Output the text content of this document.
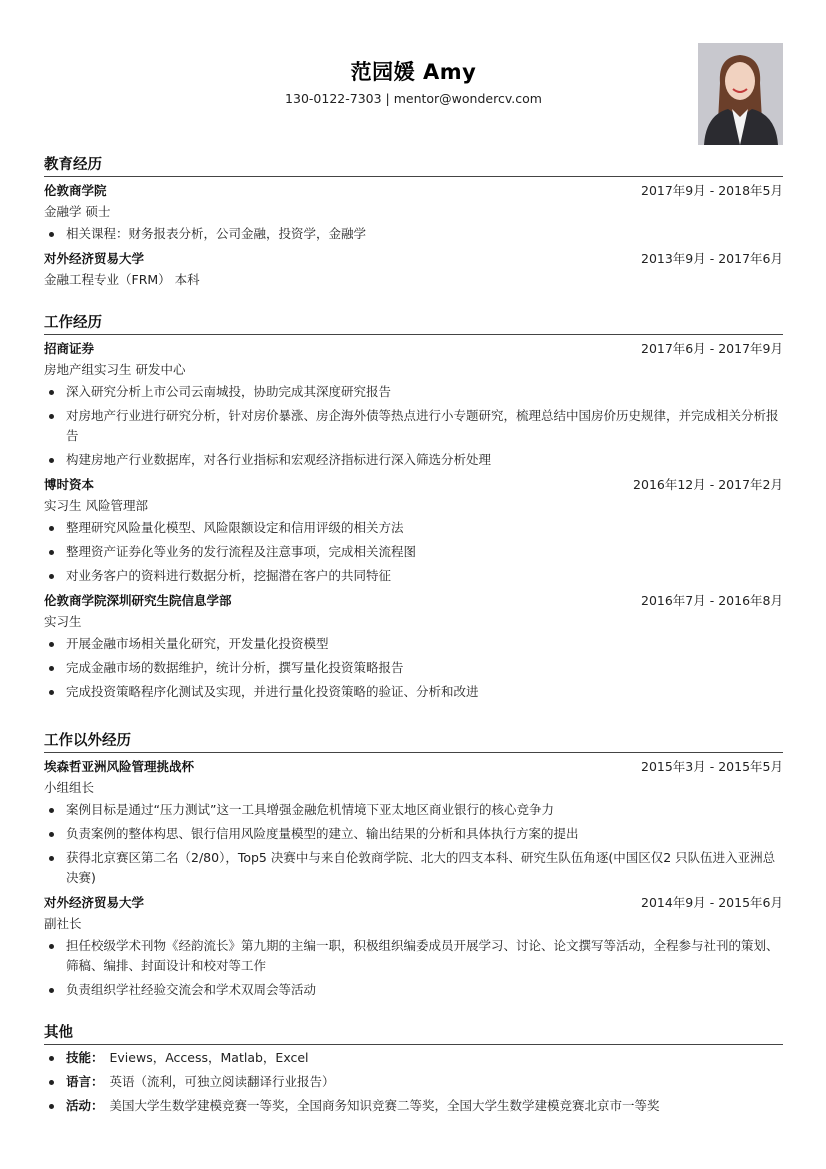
范园媛 Amy
130-0122-7303 | mentor@wondercv.com
教育经历
伦敦商学院	2017年9月 - 2018年5月
金融学 硕士
相关课程：财务报表分析，公司金融，投资学，金融学
对外经济贸易大学	2013年9月 - 2017年6月
金融工程专业（FRM） 本科
工作经历
招商证券	2017年6月 - 2017年9月
房地产组实习生 研发中心
深入研究分析上市公司云南城投，协助完成其深度研究报告
对房地产行业进行研究分析，针对房价暴涨、房企海外债等热点进行小专题研究，梳理总结中国房价历史规律，并完成相关分析报告
构建房地产行业数据库，对各行业指标和宏观经济指标进行深入筛选分析处理
博时资本	2016年12月 - 2017年2月
实习生 风险管理部
整理研究风险量化模型、风险限额设定和信用评级的相关方法
整理资产证券化等业务的发行流程及注意事项，完成相关流程图
对业务客户的资料进行数据分析，挖掘潜在客户的共同特征
伦敦商学院深圳研究生院信息学部	2016年7月 - 2016年8月
实习生
开展金融市场相关量化研究，开发量化投资模型
完成金融市场的数据维护，统计分析，撰写量化投资策略报告
完成投资策略程序化测试及实现，并进行量化投资策略的验证、分析和改进
工作以外经历
埃森哲亚洲风险管理挑战杯	2015年3月 - 2015年5月
小组组长
案例目标是通过“压力测试”这一工具增强金融危机情境下亚太地区商业银行的核心竞争力
负责案例的整体构思、银行信用风险度量模型的建立、输出结果的分析和具体执行方案的提出
获得北京赛区第二名（2/80），Top5 决赛中与来自伦敦商学院、北大的四支本科、研究生队伍角逐(中国区仅2 只队伍进入亚洲总决赛)
对外经济贸易大学	2014年9月 - 2015年6月
副社长
担任校级学术刊物《经韵流长》第九期的主编一职，积极组织编委成员开展学习、讨论、论文撰写等活动，全程参与社刊的策划、筛稿、编排、封面设计和校对等工作
负责组织学社经验交流会和学术双周会等活动
其他
技能： Eviews，Access，Matlab，Excel
语言： 英语（流利，可独立阅读翻译行业报告）
活动： 美国大学生数学建模竞赛一等奖，全国商务知识竞赛二等奖，全国大学生数学建模竞赛北京市一等奖
